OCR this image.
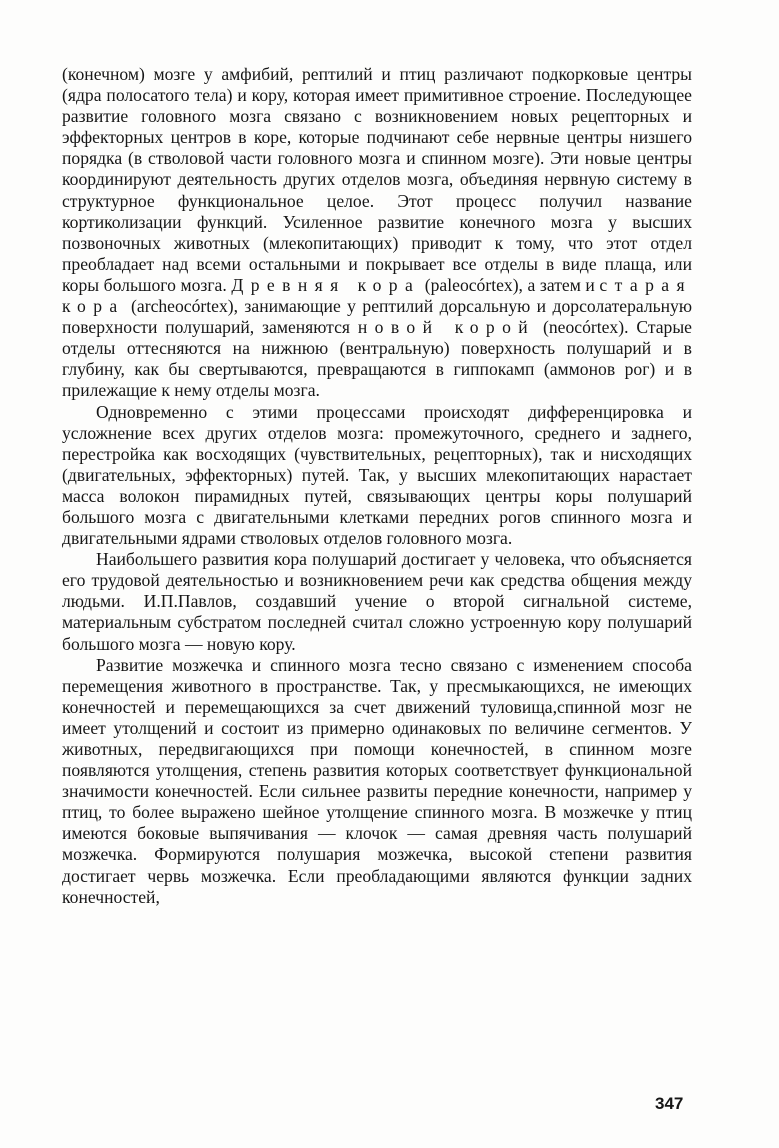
(конечном) мозге у амфибий, рептилий и птиц различают подкорковые центры (ядра полосатого тела) и кору, которая имеет примитивное строение. Последующее развитие головного мозга связано с возникновением новых рецепторных и эффекторных центров в коре, которые подчинают себе нервные центры низшего порядка (в стволовой части головного мозга и спинном мозге). Эти новые центры координируют деятельность других отделов мозга, объединяя нервную систему в структурное функциональное целое. Этот процесс получил название кортиколизации функций. Усиленное развитие конечного мозга у высших позвоночных животных (млекопитающих) приводит к тому, что этот отдел преобладает над всеми остальными и покрывает все отделы в виде плаща, или коры большого мозга. Древняя кора (paleocórtex), а затем и старая кора (archeocórtex), занимающие у рептилий дорсальную и дорсолатеральную поверхности полушарий, заменяются новой корой (neocórtex). Старые отделы оттесняются на нижнюю (вентральную) поверхность полушарий и в глубину, как бы свертываются, превращаются в гиппокамп (аммонов рог) и в прилежащие к нему отделы мозга.

Одновременно с этими процессами происходят дифференцировка и усложнение всех других отделов мозга: промежуточного, среднего и заднего, перестройка как восходящих (чувствительных, рецепторных), так и нисходящих (двигательных, эффекторных) путей. Так, у высших млекопитающих нарастает масса волокон пирамидных путей, связывающих центры коры полушарий большого мозга с двигательными клетками передних рогов спинного мозга и двигательными ядрами стволовых отделов головного мозга.

Наибольшего развития кора полушарий достигает у человека, что объясняется его трудовой деятельностью и возникновением речи как средства общения между людьми. И.П.Павлов, создавший учение о второй сигнальной системе, материальным субстратом последней считал сложно устроенную кору полушарий большого мозга — новую кору.

Развитие мозжечка и спинного мозга тесно связано с изменением способа перемещения животного в пространстве. Так, у пресмыкающихся, не имеющих конечностей и перемещающихся за счет движений туловища,спинной мозг не имеет утолщений и состоит из примерно одинаковых по величине сегментов. У животных, передвигающихся при помощи конечностей, в спинном мозге появляются утолщения, степень развития которых соответствует функциональной значимости конечностей. Если сильнее развиты передние конечности, например у птиц, то более выражено шейное утолщение спинного мозга. В мозжечке у птиц имеются боковые выпячивания — клочок — самая древняя часть полушарий мозжечка. Формируются полушария мозжечка, высокой степени развития достигает червь мозжечка. Если преобладающими являются функции задних конечностей,

347
